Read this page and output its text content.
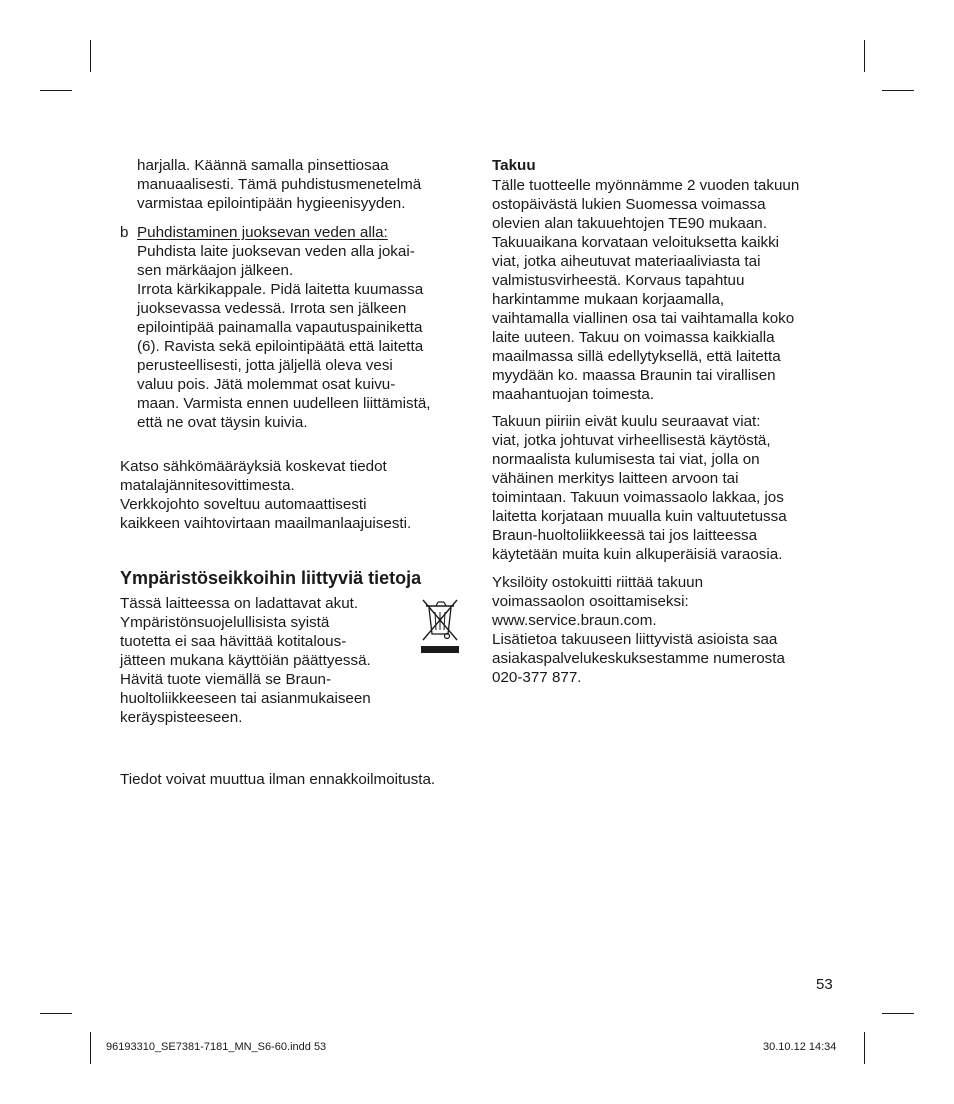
harjalla. Käännä samalla pinsettiosaa
manuaalisesti. Tämä puhdistusmenetelmä
varmistaa epilointipään hygieenisyyden.
b Puhdistaminen juoksevan veden alla:
Puhdista laite juoksevan veden alla jokai-
sen märkäajon jälkeen.
Irrota kärkikappale. Pidä laitetta kuumassa
juoksevassa vedessä. Irrota sen jälkeen
epilointipää painamalla vapautuspainiketta
(6). Ravista sekä epilointipäätä että laitetta
perusteellisesti, jotta jäljellä oleva vesi
valuu pois. Jätä molemmat osat kuivu-
maan. Varmista ennen uudelleen liittämistä,
että ne ovat täysin kuivia.
Katso sähkömääräyksiä koskevat tiedot
matalajännitesovittimesta.
Verkkojohto soveltuu automaattisesti
kaikkeen vaihtovirtaan maailmanlaajuisesti.
Ympäristöseikkoihin liittyviä tietoja
Tässä laitteessa on ladattavat akut.
Ympäristönsuojelullisista syistä
tuotetta ei saa hävittää kotitalous-
jätteen mukana käyttöiän päättyessä.
Hävitä tuote viemällä se Braun-
huoltoliikkeeseen tai asianmukaiseen
keräyspisteeseen.
Tiedot voivat muuttua ilman ennakkoilmoitusta.
Takuu
Tälle tuotteelle myönnämme 2 vuoden takuun
ostopäivästä lukien Suomessa voimassa
olevien alan takuuehtojen TE90 mukaan.
Takuuaikana korvataan veloituksetta kaikki
viat, jotka aiheutuvat materiaaliviasta tai
valmistusvirheestä. Korvaus tapahtuu
harkintamme mukaan korjaamalla,
vaihtamalla viallinen osa tai vaihtamalla koko
laite uuteen. Takuu on voimassa kaikkialla
maailmassa sillä edellytyksellä, että laitetta
myydään ko. maassa Braunin tai virallisen
maahantuojan toimesta.
Takuun piiriin eivät kuulu seuraavat viat:
viat, jotka johtuvat virheellisestä käytöstä,
normaalista kulumisesta tai viat, jolla on
vähäinen merkitys laitteen arvoon tai
toimintaan. Takuun voimassaolo lakkaa, jos
laitetta korjataan muualla kuin valtuutetussa
Braun-huoltoliikkeessä tai jos laitteessa
käytetään muita kuin alkuperäisiä varaosia.
Yksilöity ostokuitti riittää takuun
voimassaolon osoittamiseksi:
www.service.braun.com.
Lisätietoa takuuseen liittyvistä asioista saa
asiakaspalvelukeskuksestamme numerosta
020-377 877.
53
96193310_SE7381-7181_MN_S6-60.indd 53	30.10.12 14:34
